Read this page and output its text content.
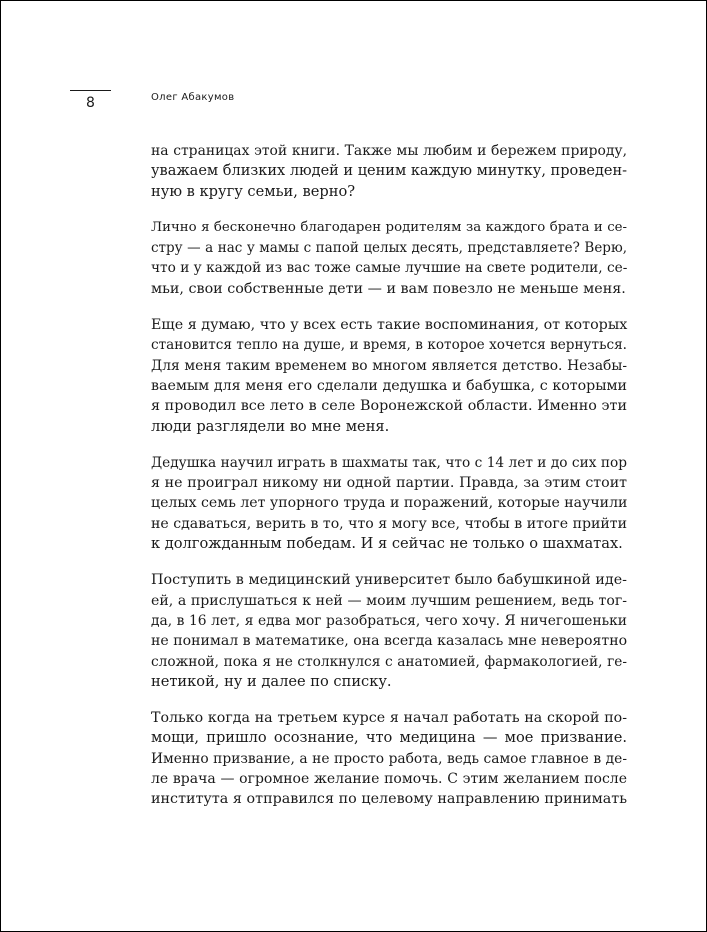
8	Олег Абакумов

на страницах этой книги. Также мы любим и бережем природу,
уважаем близких людей и ценим каждую минутку, проведен-
ную в кругу семьи, верно?

Лично я бесконечно благодарен родителям за каждого брата и се-
стру — а нас у мамы с папой целых десять, представляете? Верю,
что и у каждой из вас тоже самые лучшие на свете родители, се-
мьи, свои собственные дети — и вам повезло не меньше меня.

Еще я думаю, что у всех есть такие воспоминания, от которых
становится тепло на душе, и время, в которое хочется вернуться.
Для меня таким временем во многом является детство. Незабы-
ваемым для меня его сделали дедушка и бабушка, с которыми
я проводил все лето в селе Воронежской области. Именно эти
люди разглядели во мне меня.

Дедушка научил играть в шахматы так, что с 14 лет и до сих пор
я не проиграл никому ни одной партии. Правда, за этим стоит
целых семь лет упорного труда и поражений, которые научили
не сдаваться, верить в то, что я могу все, чтобы в итоге прийти
к долгожданным победам. И я сейчас не только о шахматах.

Поступить в медицинский университет было бабушкиной иде-
ей, а прислушаться к ней — моим лучшим решением, ведь тог-
да, в 16 лет, я едва мог разобраться, чего хочу. Я ничегошеньки
не понимал в математике, она всегда казалась мне невероятно
сложной, пока я не столкнулся с анатомией, фармакологией, ге-
нетикой, ну и далее по списку.

Только когда на третьем курсе я начал работать на скорой по-
мощи, пришло осознание, что медицина — мое призвание.
Именно призвание, а не просто работа, ведь самое главное в де-
ле врача — огромное желание помочь. С этим желанием после
института я отправился по целевому направлению принимать
